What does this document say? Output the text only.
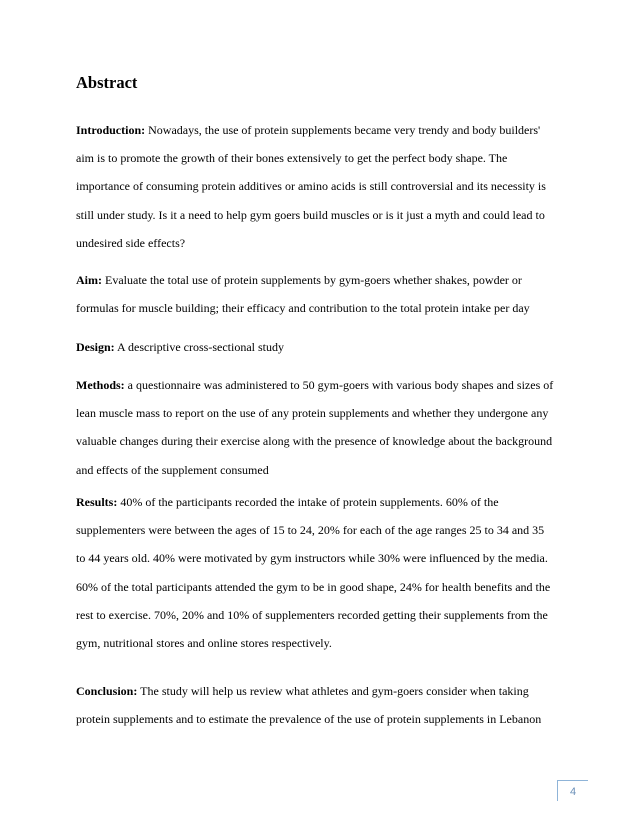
Abstract

Introduction: Nowadays, the use of protein supplements became very trendy and body builders' aim is to promote the growth of their bones extensively to get the perfect body shape. The importance of consuming protein additives or amino acids is still controversial and its necessity is still under study. Is it a need to help gym goers build muscles or is it just a myth and could lead to undesired side effects?

Aim: Evaluate the total use of protein supplements by gym-goers whether shakes, powder or formulas for muscle building; their efficacy and contribution to the total protein intake per day

Design: A descriptive cross-sectional study

Methods: a questionnaire was administered to 50 gym-goers with various body shapes and sizes of lean muscle mass to report on the use of any protein supplements and whether they undergone any valuable changes during their exercise along with the presence of knowledge about the background and effects of the supplement consumed

Results: 40% of the participants recorded the intake of protein supplements. 60% of the supplementers were between the ages of 15 to 24, 20% for each of the age ranges 25 to 34 and 35 to 44 years old. 40% were motivated by gym instructors while 30% were influenced by the media. 60% of the total participants attended the gym to be in good shape, 24% for health benefits and the rest to exercise. 70%, 20% and 10% of supplementers recorded getting their supplements from the gym, nutritional stores and online stores respectively.

Conclusion: The study will help us review what athletes and gym-goers consider when taking protein supplements and to estimate the prevalence of the use of protein supplements in Lebanon

4
